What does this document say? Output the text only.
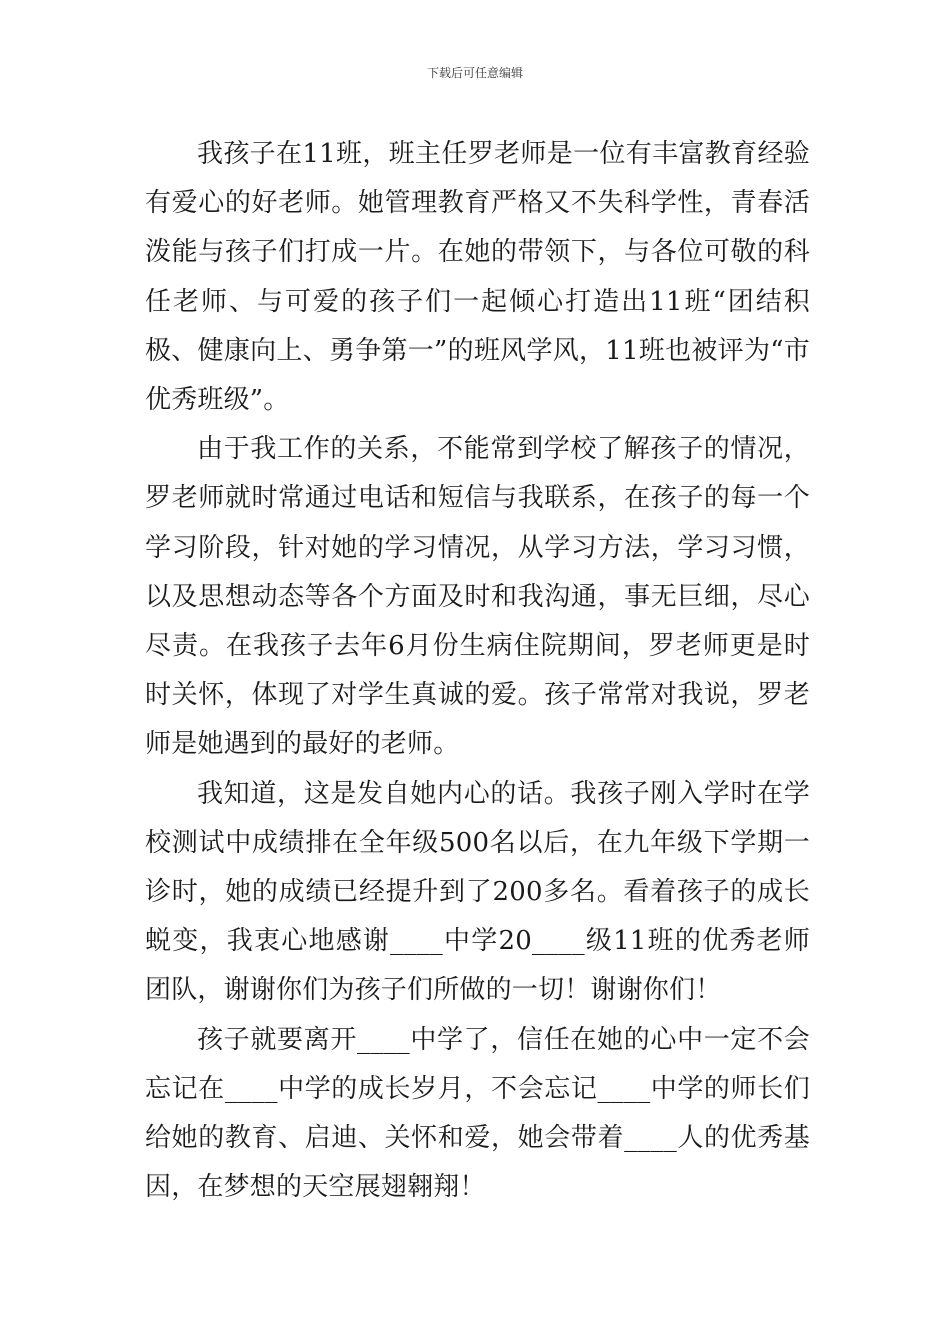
下载后可任意编辑

我孩子在11班，班主任罗老师是一位有丰富教育经验有爱心的好老师。她管理教育严格又不失科学性，青春活泼能与孩子们打成一片。在她的带领下，与各位可敬的科任老师、与可爱的孩子们一起倾心打造出11班“团结积极、健康向上、勇争第一”的班风学风，11班也被评为“市优秀班级”。

由于我工作的关系，不能常到学校了解孩子的情况，罗老师就时常通过电话和短信与我联系，在孩子的每一个学习阶段，针对她的学习情况，从学习方法，学习习惯，以及思想动态等各个方面及时和我沟通，事无巨细，尽心尽责。在我孩子去年6月份生病住院期间，罗老师更是时时关怀，体现了对学生真诚的爱。孩子常常对我说，罗老师是她遇到的最好的老师。

我知道，这是发自她内心的话。我孩子刚入学时在学校测试中成绩排在全年级500名以后，在九年级下学期一诊时，她的成绩已经提升到了200多名。看着孩子的成长蜕变，我衷心地感谢____中学20____级11班的优秀老师团队，谢谢你们为孩子们所做的一切！谢谢你们！

孩子就要离开____中学了，信任在她的心中一定不会忘记在____中学的成长岁月，不会忘记____中学的师长们给她的教育、启迪、关怀和爱，她会带着____人的优秀基因，在梦想的天空展翅翱翔！
